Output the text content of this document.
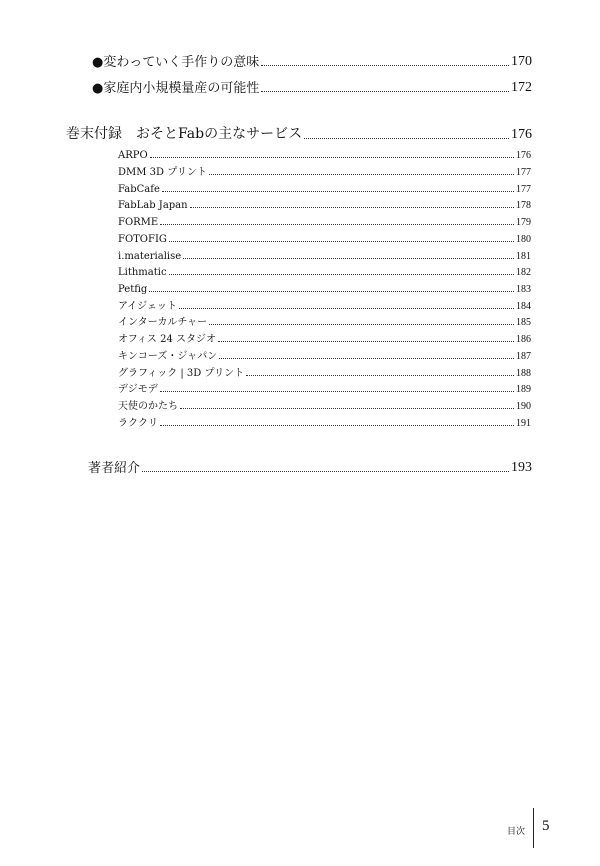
●変わっていく手作りの意味	170
●家庭内小規模量産の可能性	172
巻末付録　おそとFabの主なサービス	176
ARPO	176
DMM 3D プリント	177
FabCafe	177
FabLab Japan	178
FORME	179
FOTOFIG	180
i.materialise	181
Lithmatic	182
Petfig	183
アイジェット	184
インターカルチャー	185
オフィス 24 スタジオ	186
キンコーズ・ジャパン	187
グラフィック | 3D プリント	188
デジモデ	189
天使のかたち	190
ラククリ	191
著者紹介	193
目次 5
